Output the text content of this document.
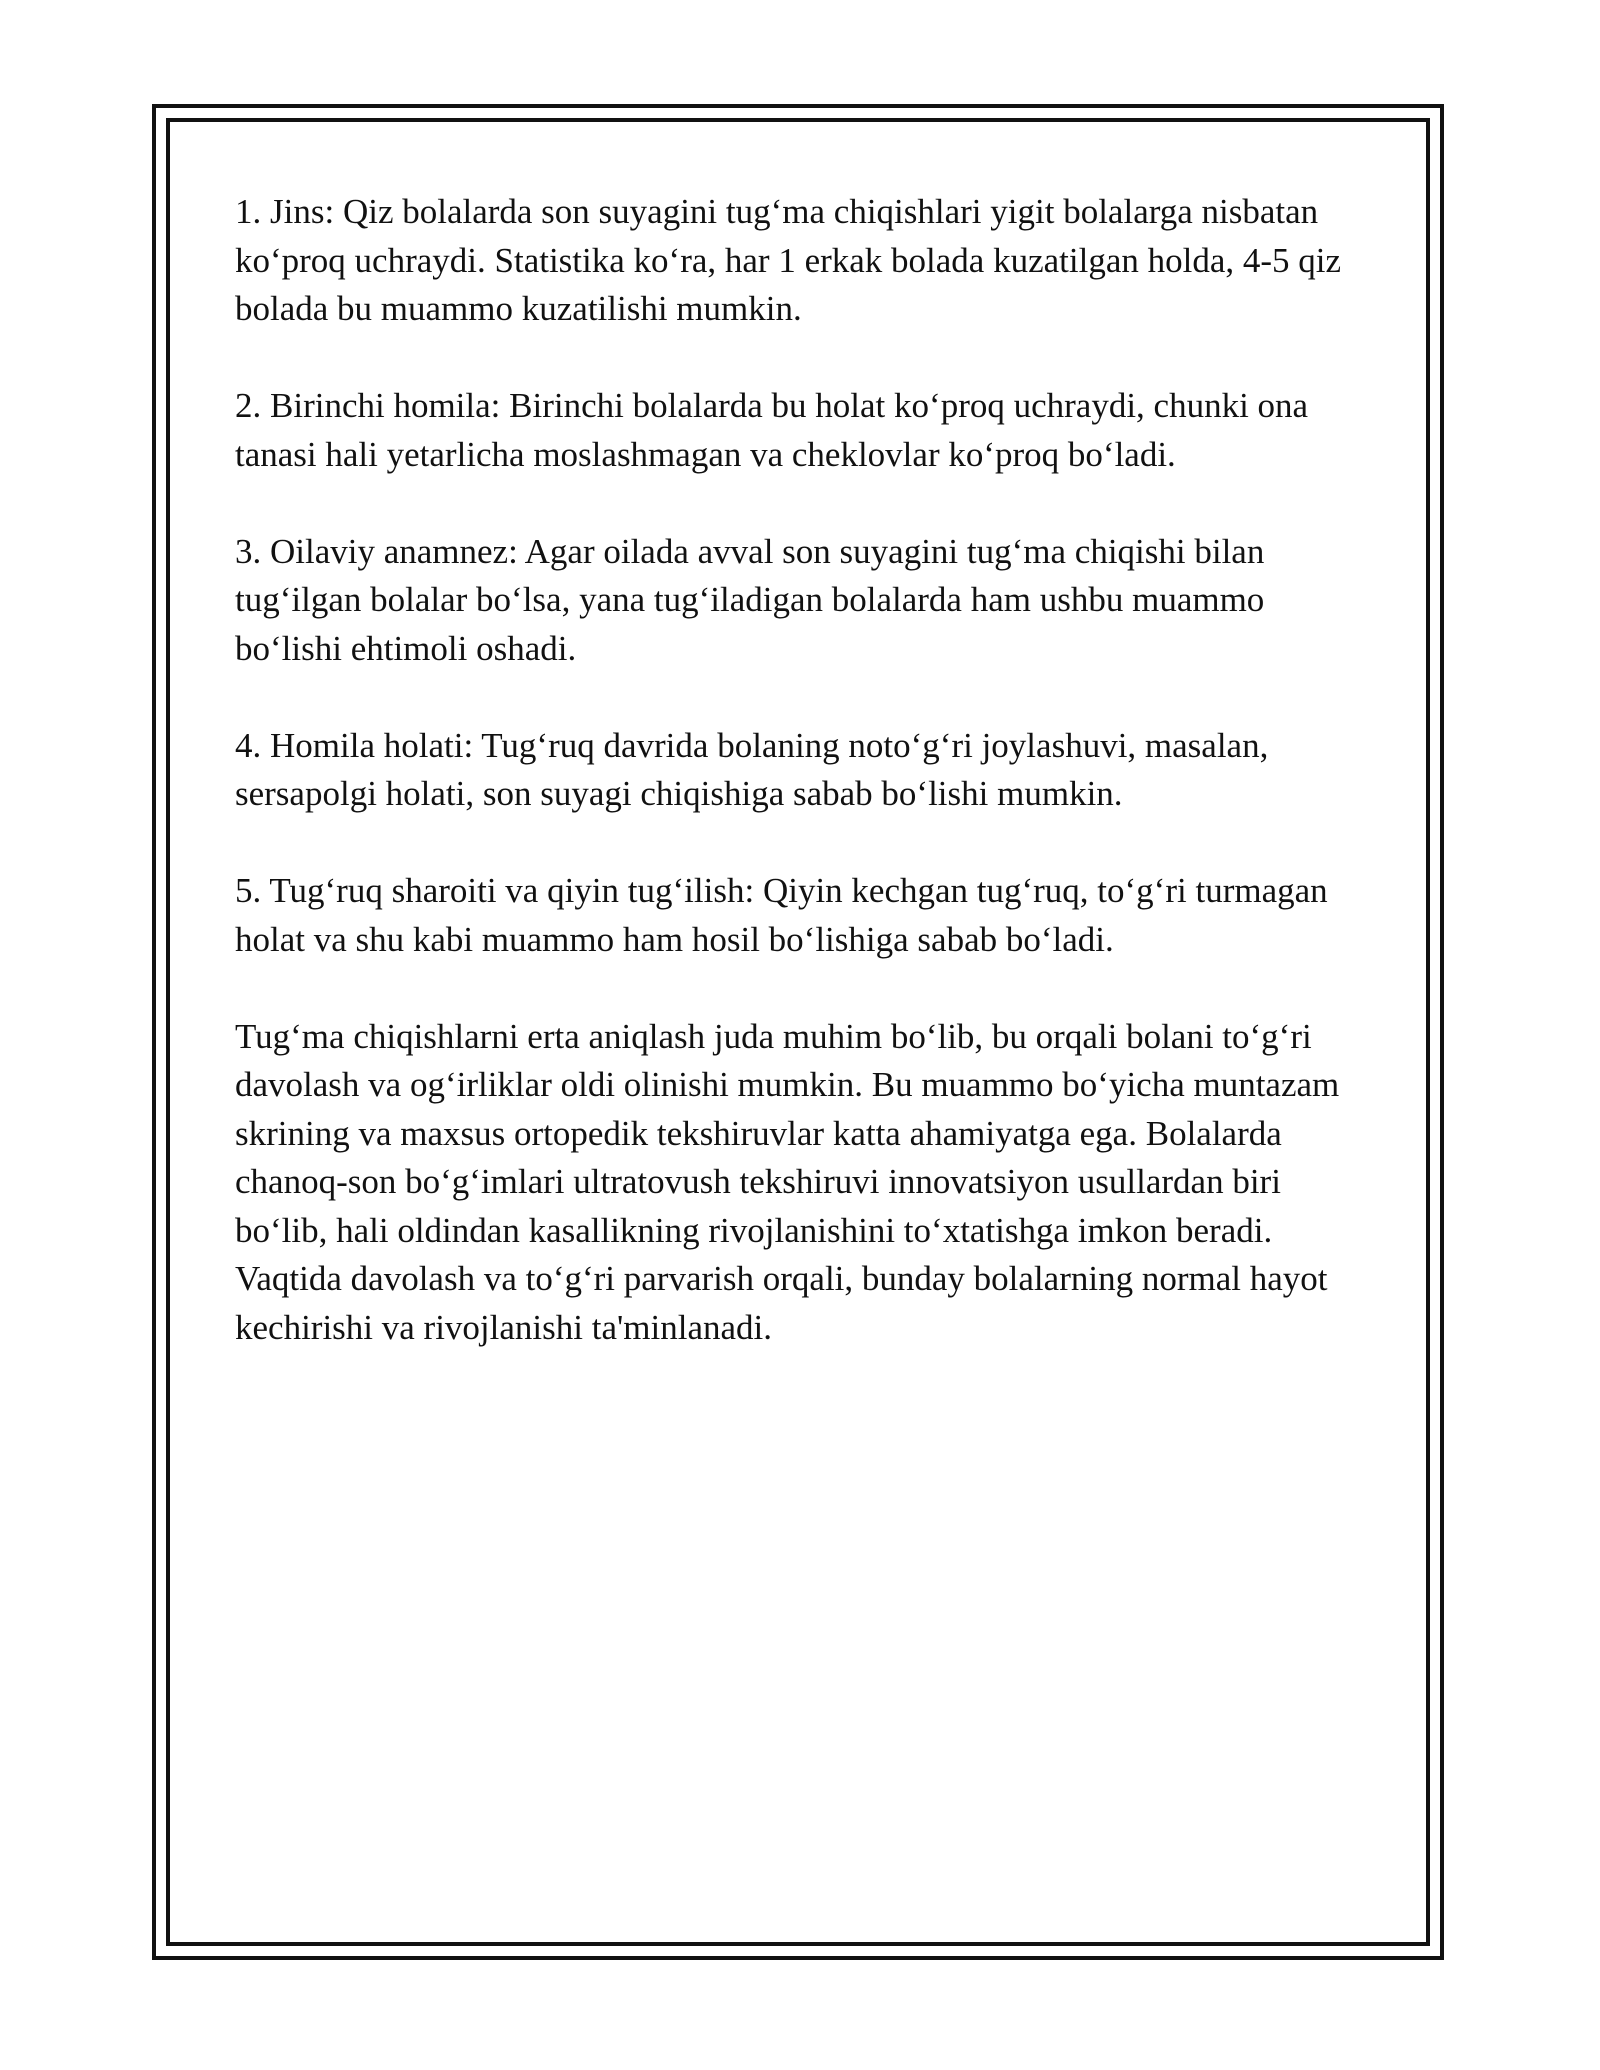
1. Jins: Qiz bolalarda son suyagini tug‘ma chiqishlari yigit bolalarga nisbatan ko‘proq uchraydi. Statistika ko‘ra, har 1 erkak bolada kuzatilgan holda, 4-5 qiz bolada bu muammo kuzatilishi mumkin.

2. Birinchi homila: Birinchi bolalarda bu holat ko‘proq uchraydi, chunki ona tanasi hali yetarlicha moslashmagan va cheklovlar ko‘proq bo‘ladi.

3. Oilaviy anamnez: Agar oilada avval son suyagini tug‘ma chiqishi bilan tug‘ilgan bolalar bo‘lsa, yana tug‘iladigan bolalarda ham ushbu muammo bo‘lishi ehtimoli oshadi.

4. Homila holati: Tug‘ruq davrida bolaning noto‘g‘ri joylashuvi, masalan, sersapolgi holati, son suyagi chiqishiga sabab bo‘lishi mumkin.

5. Tug‘ruq sharoiti va qiyin tug‘ilish: Qiyin kechgan tug‘ruq, to‘g‘ri turmagan holat va shu kabi muammo ham hosil bo‘lishiga sabab bo‘ladi.

Tug‘ma chiqishlarni erta aniqlash juda muhim bo‘lib, bu orqali bolani to‘g‘ri davolash va og‘irliklar oldi olinishi mumkin. Bu muammo bo‘yicha muntazam skrining va maxsus ortopedik tekshiruvlar katta ahamiyatga ega. Bolalarda chanoq-son bo‘g‘imlari ultratovush tekshiruvi innovatsiyon usullardan biri bo‘lib, hali oldindan kasallikning rivojlanishini to‘xtatishga imkon beradi. Vaqtida davolash va to‘g‘ri parvarish orqali, bunday bolalarning normal hayot kechirishi va rivojlanishi ta'minlanadi.
